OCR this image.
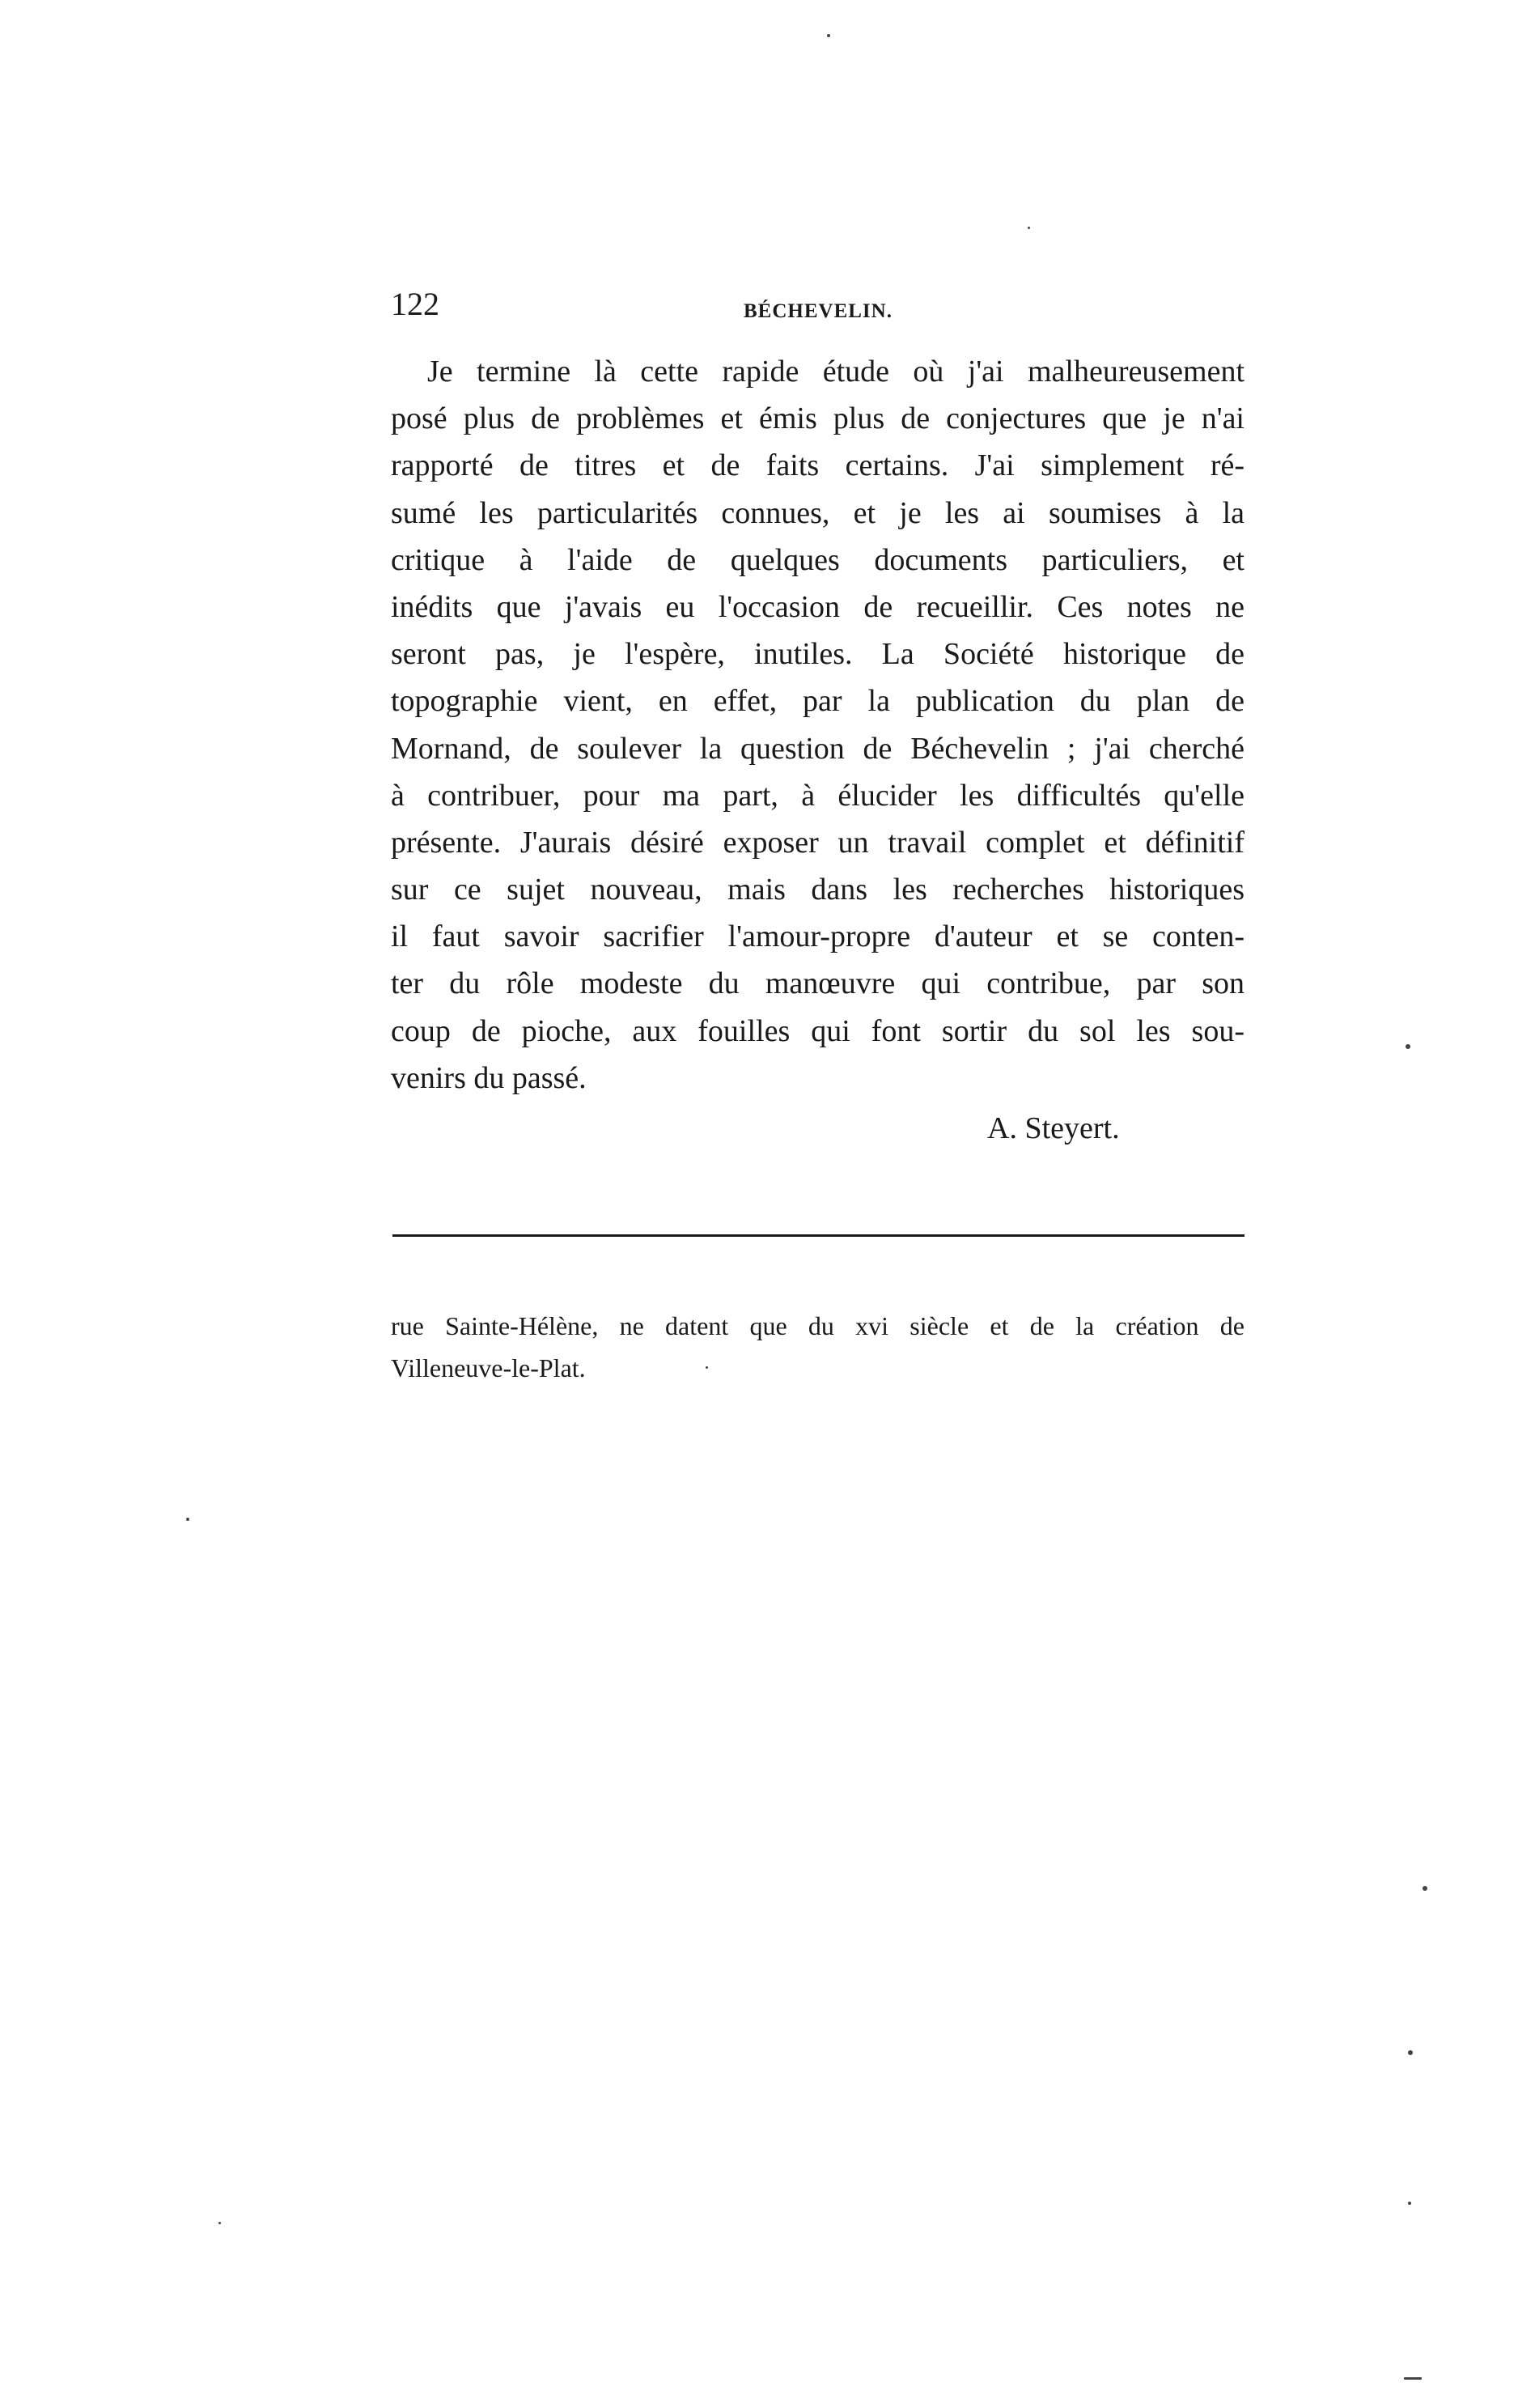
122	BÉCHEVELIN.
Je termine là cette rapide étude où j'ai malheureusement
posé plus de problèmes et émis plus de conjectures que je n'ai
rapporté de titres et de faits certains. J'ai simplement ré-
sumé les particularités connues, et je les ai soumises à la
critique à l'aide de quelques documents particuliers, et
inédits que j'avais eu l'occasion de recueillir. Ces notes ne
seront pas, je l'espère, inutiles. La Société historique de
topographie vient, en effet, par la publication du plan de
Mornand, de soulever la question de Béchevelin ; j'ai cherché
à contribuer, pour ma part, à élucider les difficultés qu'elle
présente. J'aurais désiré exposer un travail complet et définitif
sur ce sujet nouveau, mais dans les recherches historiques
il faut savoir sacrifier l'amour-propre d'auteur et se conten-
ter du rôle modeste du manœuvre qui contribue, par son
coup de pioche, aux fouilles qui font sortir du sol les sou-
venirs du passé.
A. Steyert.
rue Sainte-Hélène, ne datent que du xvi siècle et de la création de
Villeneuve-le-Plat.
